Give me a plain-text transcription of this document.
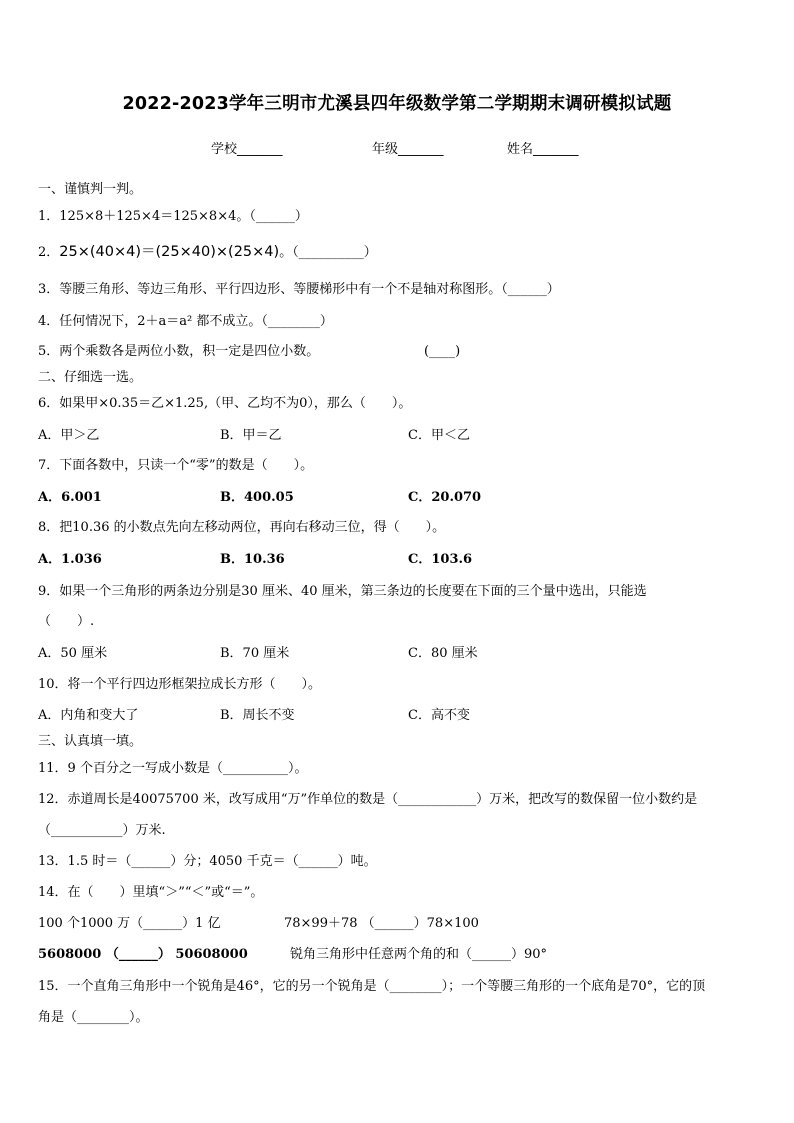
2022-2023学年三明市尤溪县四年级数学第二学期期末调研模拟试题
学校_______	年级_______	姓名_______
一、谨慎判一判。
1．125×8＋125×4＝125×8×4。（______）
2．25×(40×4)＝(25×40)×(25×4)。（__________）
3．等腰三角形、等边三角形、平行四边形、等腰梯形中有一个不是轴对称图形。（______）
4．任何情况下，2＋a＝a² 都不成立。（________）
5．两个乘数各是两位小数，积一定是四位小数。	(____)
二、仔细选一选。
6．如果甲×0.35＝乙×1.25,（甲、乙均不为0），那么（　　）。
A．甲＞乙	B．甲＝乙	C．甲＜乙
7．下面各数中，只读一个“零”的数是（　　）。
A．6.001	B．400.05	C．20.070
8．把10.36 的小数点先向左移动两位，再向右移动三位，得（　　）。
A．1.036	B．10.36	C．103.6
9．如果一个三角形的两条边分别是30 厘米、40 厘米，第三条边的长度要在下面的三个量中选出，只能选
（　　）.
A．50 厘米	B．70 厘米	C．80 厘米
10．将一个平行四边形框架拉成长方形（　　）。
A．内角和变大了	B．周长不变	C．高不变
三、认真填一填。
11．9 个百分之一写成小数是（__________）。
12．赤道周长是40075700 米，改写成用“万”作单位的数是（____________）万米，把改写的数保留一位小数约是
（___________）万米.
13．1.5 时＝（______）分；4050 千克＝（______）吨。
14．在（　　）里填“＞”“＜”或“＝”。
100 个1000 万（______）1 亿	78×99＋78 （______）78×100
5608000 （______） 50608000	锐角三角形中任意两个角的和（______）90°
15．一个直角三角形中一个锐角是46°，它的另一个锐角是（________）；一个等腰三角形的一个底角是70°，它的顶
角是（________）。
